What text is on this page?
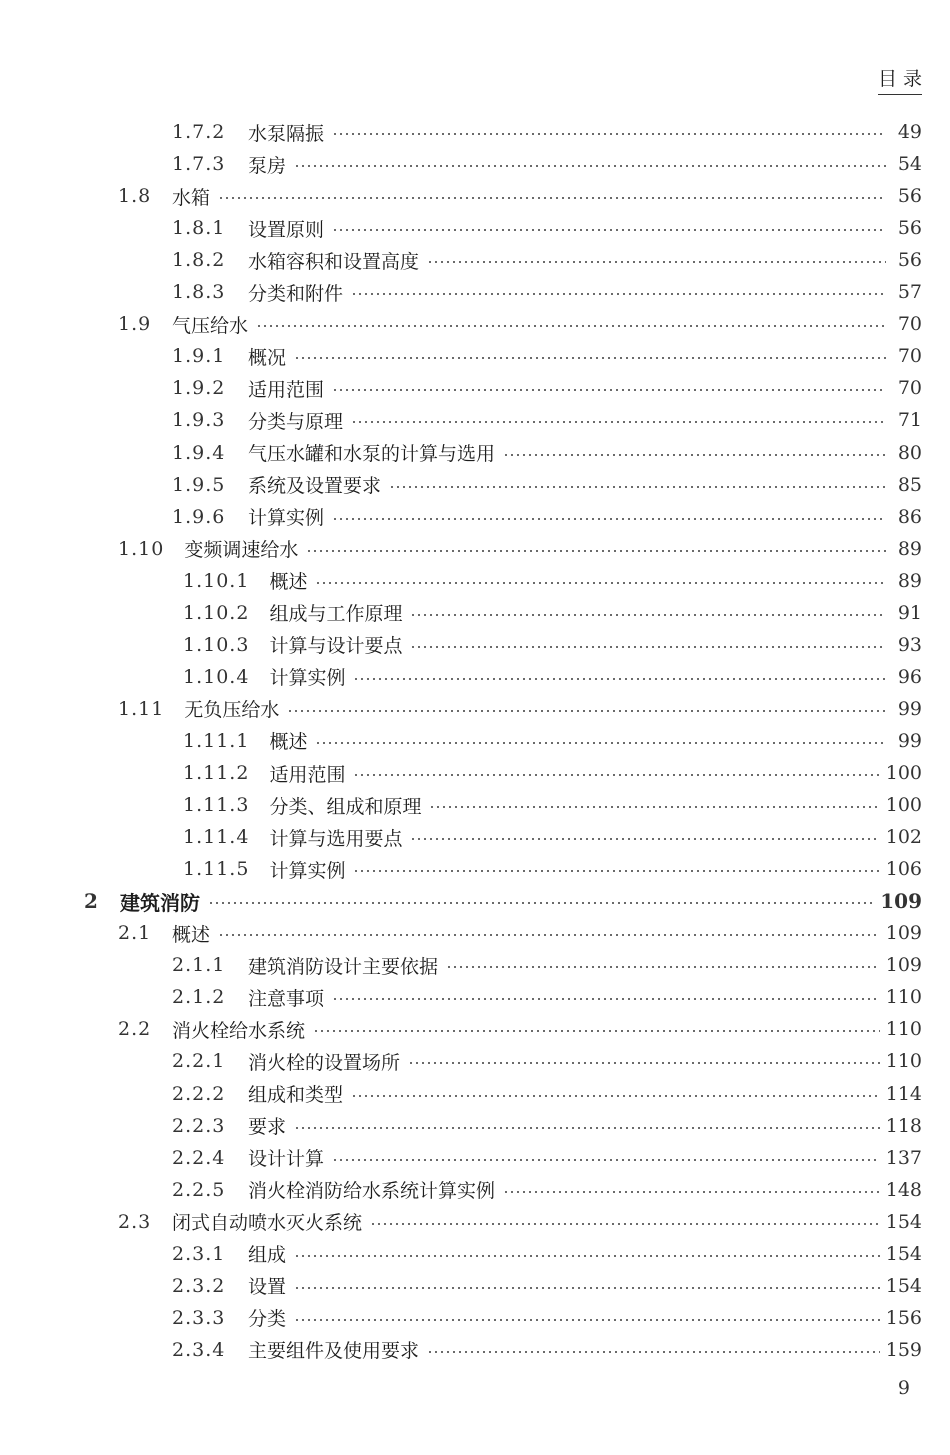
目 录
1.7.2 水泵隔振	49
1.7.3 泵房	54
1.8 水箱	56
1.8.1 设置原则	56
1.8.2 水箱容积和设置高度	56
1.8.3 分类和附件	57
1.9 气压给水	70
1.9.1 概况	70
1.9.2 适用范围	70
1.9.3 分类与原理	71
1.9.4 气压水罐和水泵的计算与选用	80
1.9.5 系统及设置要求	85
1.9.6 计算实例	86
1.10 变频调速给水	89
1.10.1 概述	89
1.10.2 组成与工作原理	91
1.10.3 计算与设计要点	93
1.10.4 计算实例	96
1.11 无负压给水	99
1.11.1 概述	99
1.11.2 适用范围	100
1.11.3 分类、组成和原理	100
1.11.4 计算与选用要点	102
1.11.5 计算实例	106
2 建筑消防	109
2.1 概述	109
2.1.1 建筑消防设计主要依据	109
2.1.2 注意事项	110
2.2 消火栓给水系统	110
2.2.1 消火栓的设置场所	110
2.2.2 组成和类型	114
2.2.3 要求	118
2.2.4 设计计算	137
2.2.5 消火栓消防给水系统计算实例	148
2.3 闭式自动喷水灭火系统	154
2.3.1 组成	154
2.3.2 设置	154
2.3.3 分类	156
2.3.4 主要组件及使用要求	159
9
